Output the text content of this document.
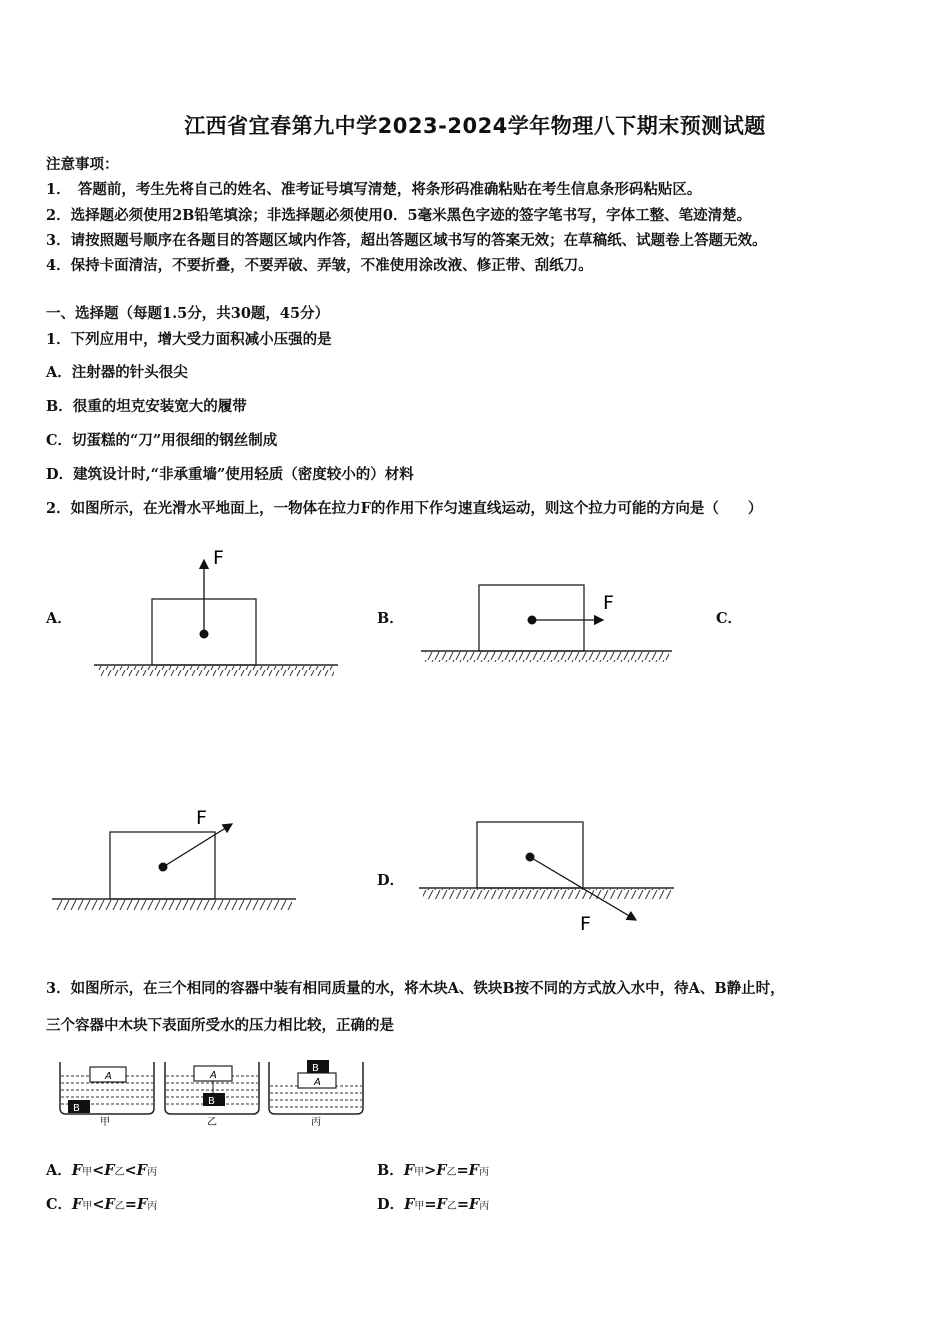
江西省宜春第九中学2023-2024学年物理八下期末预测试题
注意事项：
1．　答题前，考生先将自己的姓名、准考证号填写清楚，将条形码准确粘贴在考生信息条形码粘贴区。
2．选择题必须使用2B铅笔填涂；非选择题必须使用0．5毫米黑色字迹的签字笔书写，字体工整、笔迹清楚。
3．请按照题号顺序在各题目的答题区域内作答，超出答题区域书写的答案无效；在草稿纸、试题卷上答题无效。
4．保持卡面清洁，不要折叠，不要弄破、弄皱，不准使用涂改液、修正带、刮纸刀。
一、选择题（每题1.5分，共30题，45分）
1．下列应用中，增大受力面积减小压强的是
A．注射器的针头很尖
B．很重的坦克安装宽大的履带
C．切蛋糕的“刀”用很细的钢丝制成
D．建筑设计时,“非承重墙”使用轻质（密度较小的）材料
2．如图所示，在光滑水平地面上，一物体在拉力F的作用下作匀速直线运动，则这个拉力可能的方向是（　　）
A．	B．	C．
D．
F
F
F
F
A
B
甲
A
B
乙
A
B
丙
3．如图所示，在三个相同的容器中装有相同质量的水，将木块A、铁块B按不同的方式放入水中，待A、B静止时，
三个容器中木块下表面所受水的压力相比较，正确的是
A．F甲<F乙<F丙	B．F甲>F乙=F丙
C．F甲<F乙=F丙	D．F甲=F乙=F丙
